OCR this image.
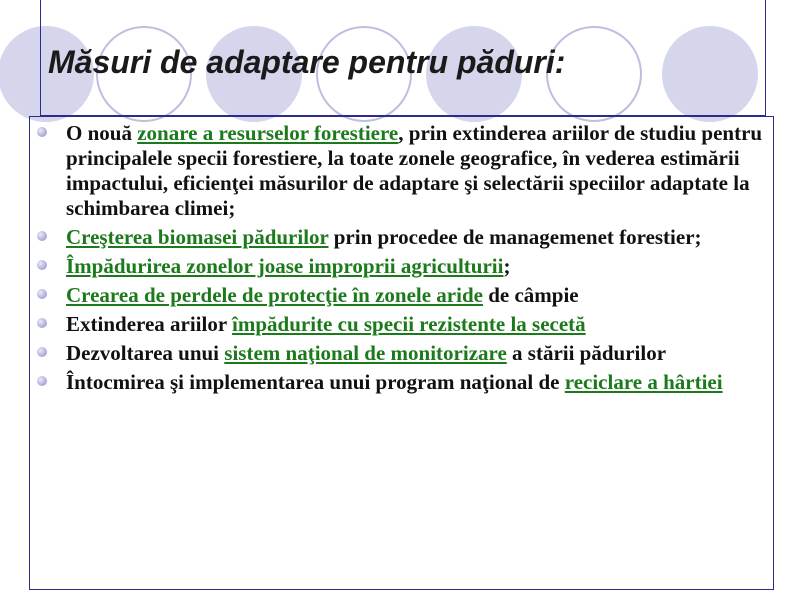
Măsuri de adaptare pentru păduri:
O nouă zonare a resurselor forestiere, prin extinderea ariilor de studiu pentru principalele specii forestiere, la toate zonele geografice, în vederea estimării impactului, eficienţei măsurilor de adaptare şi selectării speciilor adaptate la schimbarea climei;
Creşterea biomasei pădurilor prin procedee de managemenet forestier;
Împădurirea zonelor joase improprii agriculturii;
Crearea de perdele de protecţie în zonele aride de câmpie
Extinderea ariilor împădurite cu specii rezistente la secetă
Dezvoltarea unui sistem naţional de monitorizare a stării pădurilor
Întocmirea şi implementarea unui program naţional de reciclare a hârtiei
